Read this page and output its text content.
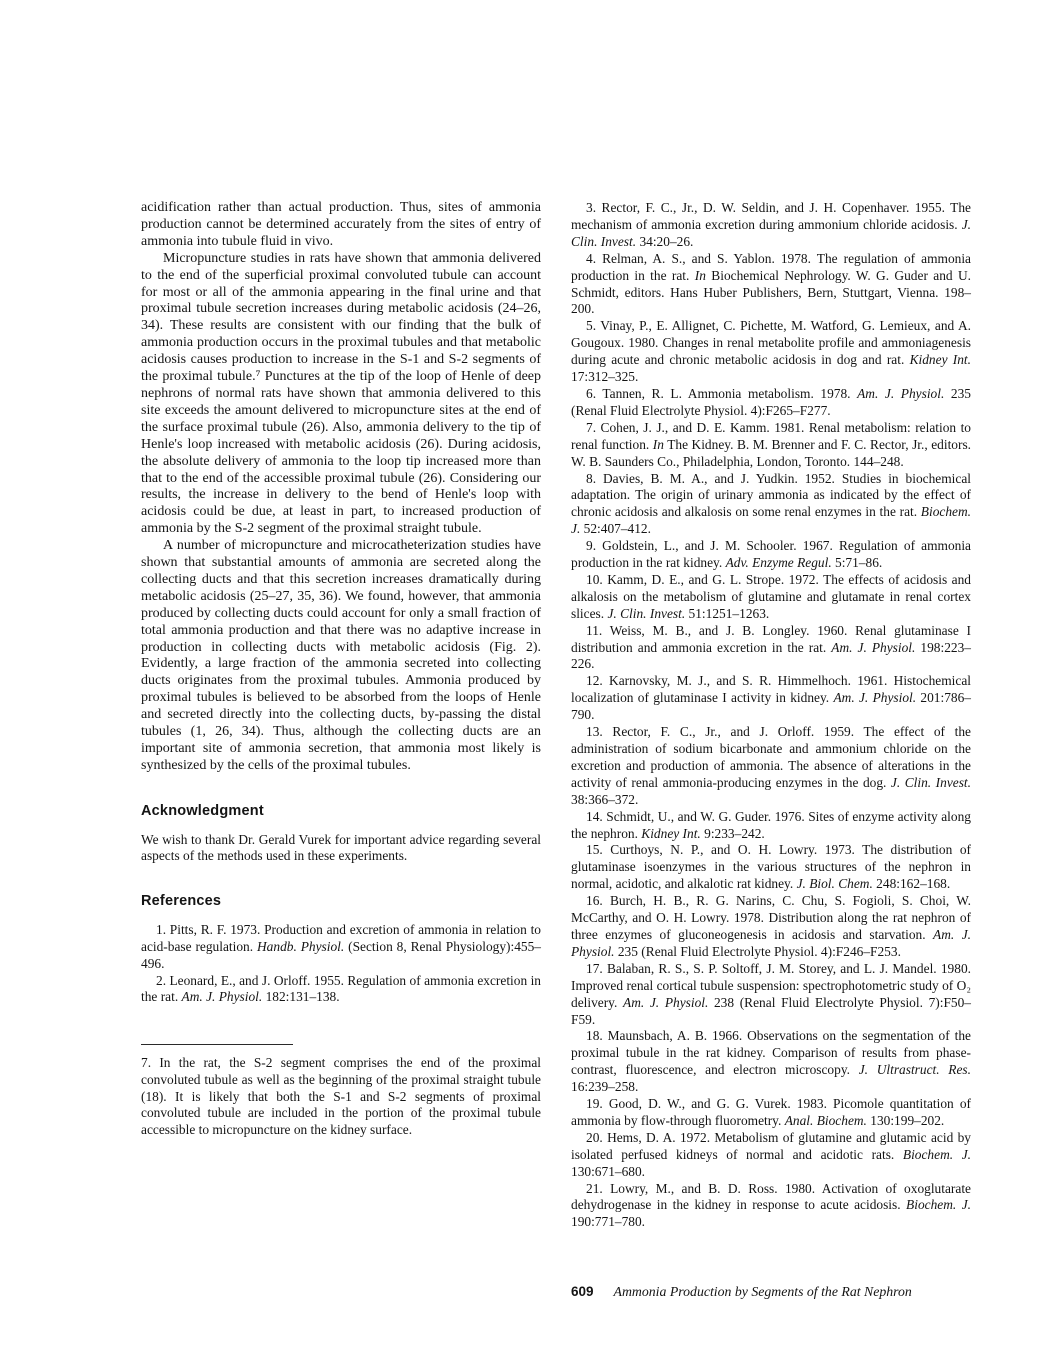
acidification rather than actual production. Thus, sites of ammonia production cannot be determined accurately from the sites of entry of ammonia into tubule fluid in vivo.

Micropuncture studies in rats have shown that ammonia delivered to the end of the superficial proximal convoluted tubule can account for most or all of the ammonia appearing in the final urine and that proximal tubule secretion increases during metabolic acidosis (24–26, 34). These results are consistent with our finding that the bulk of ammonia production occurs in the proximal tubules and that metabolic acidosis causes production to increase in the S-1 and S-2 segments of the proximal tubule.⁷ Punctures at the tip of the loop of Henle of deep nephrons of normal rats have shown that ammonia delivered to this site exceeds the amount delivered to micropuncture sites at the end of the surface proximal tubule (26). Also, ammonia delivery to the tip of Henle's loop increased with metabolic acidosis (26). During acidosis, the absolute delivery of ammonia to the loop tip increased more than that to the end of the accessible proximal tubule (26). Considering our results, the increase in delivery to the bend of Henle's loop with acidosis could be due, at least in part, to increased production of ammonia by the S-2 segment of the proximal straight tubule.

A number of micropuncture and microcatheterization studies have shown that substantial amounts of ammonia are secreted along the collecting ducts and that this secretion increases dramatically during metabolic acidosis (25–27, 35, 36). We found, however, that ammonia produced by collecting ducts could account for only a small fraction of total ammonia production and that there was no adaptive increase in production in collecting ducts with metabolic acidosis (Fig. 2). Evidently, a large fraction of the ammonia secreted into collecting ducts originates from the proximal tubules. Ammonia produced by proximal tubules is believed to be absorbed from the loops of Henle and secreted directly into the collecting ducts, by-passing the distal tubules (1, 26, 34). Thus, although the collecting ducts are an important site of ammonia secretion, that ammonia most likely is synthesized by the cells of the proximal tubules.

Acknowledgment

We wish to thank Dr. Gerald Vurek for important advice regarding several aspects of the methods used in these experiments.

References

1. Pitts, R. F. 1973. Production and excretion of ammonia in relation to acid-base regulation. Handb. Physiol. (Section 8, Renal Physiology):455–496.

2. Leonard, E., and J. Orloff. 1955. Regulation of ammonia excretion in the rat. Am. J. Physiol. 182:131–138.

7. In the rat, the S-2 segment comprises the end of the proximal convoluted tubule as well as the beginning of the proximal straight tubule (18). It is likely that both the S-1 and S-2 segments of proximal convoluted tubule are included in the portion of the proximal tubule accessible to micropuncture on the kidney surface.

3. Rector, F. C., Jr., D. W. Seldin, and J. H. Copenhaver. 1955. The mechanism of ammonia excretion during ammonium chloride acidosis. J. Clin. Invest. 34:20–26.

4. Relman, A. S., and S. Yablon. 1978. The regulation of ammonia production in the rat. In Biochemical Nephrology. W. G. Guder and U. Schmidt, editors. Hans Huber Publishers, Bern, Stuttgart, Vienna. 198–200.

5. Vinay, P., E. Allignet, C. Pichette, M. Watford, G. Lemieux, and A. Gougoux. 1980. Changes in renal metabolite profile and ammoniagenesis during acute and chronic metabolic acidosis in dog and rat. Kidney Int. 17:312–325.

6. Tannen, R. L. Ammonia metabolism. 1978. Am. J. Physiol. 235 (Renal Fluid Electrolyte Physiol. 4):F265–F277.

7. Cohen, J. J., and D. E. Kamm. 1981. Renal metabolism: relation to renal function. In The Kidney. B. M. Brenner and F. C. Rector, Jr., editors. W. B. Saunders Co., Philadelphia, London, Toronto. 144–248.

8. Davies, B. M. A., and J. Yudkin. 1952. Studies in biochemical adaptation. The origin of urinary ammonia as indicated by the effect of chronic acidosis and alkalosis on some renal enzymes in the rat. Biochem. J. 52:407–412.

9. Goldstein, L., and J. M. Schooler. 1967. Regulation of ammonia production in the rat kidney. Adv. Enzyme Regul. 5:71–86.

10. Kamm, D. E., and G. L. Strope. 1972. The effects of acidosis and alkalosis on the metabolism of glutamine and glutamate in renal cortex slices. J. Clin. Invest. 51:1251–1263.

11. Weiss, M. B., and J. B. Longley. 1960. Renal glutaminase I distribution and ammonia excretion in the rat. Am. J. Physiol. 198:223–226.

12. Karnovsky, M. J., and S. R. Himmelhoch. 1961. Histochemical localization of glutaminase I activity in kidney. Am. J. Physiol. 201:786–790.

13. Rector, F. C., Jr., and J. Orloff. 1959. The effect of the administration of sodium bicarbonate and ammonium chloride on the excretion and production of ammonia. The absence of alterations in the activity of renal ammonia-producing enzymes in the dog. J. Clin. Invest. 38:366–372.

14. Schmidt, U., and W. G. Guder. 1976. Sites of enzyme activity along the nephron. Kidney Int. 9:233–242.

15. Curthoys, N. P., and O. H. Lowry. 1973. The distribution of glutaminase isoenzymes in the various structures of the nephron in normal, acidotic, and alkalotic rat kidney. J. Biol. Chem. 248:162–168.

16. Burch, H. B., R. G. Narins, C. Chu, S. Fogioli, S. Choi, W. McCarthy, and O. H. Lowry. 1978. Distribution along the rat nephron of three enzymes of gluconeogenesis in acidosis and starvation. Am. J. Physiol. 235 (Renal Fluid Electrolyte Physiol. 4):F246–F253.

17. Balaban, R. S., S. P. Soltoff, J. M. Storey, and L. J. Mandel. 1980. Improved renal cortical tubule suspension: spectrophotometric study of O₂ delivery. Am. J. Physiol. 238 (Renal Fluid Electrolyte Physiol. 7):F50–F59.

18. Maunsbach, A. B. 1966. Observations on the segmentation of the proximal tubule in the rat kidney. Comparison of results from phase-contrast, fluorescence, and electron microscopy. J. Ultrastruct. Res. 16:239–258.

19. Good, D. W., and G. G. Vurek. 1983. Picomole quantitation of ammonia by flow-through fluorometry. Anal. Biochem. 130:199–202.

20. Hems, D. A. 1972. Metabolism of glutamine and glutamic acid by isolated perfused kidneys of normal and acidotic rats. Biochem. J. 130:671–680.

21. Lowry, M., and B. D. Ross. 1980. Activation of oxoglutarate dehydrogenase in the kidney in response to acute acidosis. Biochem. J. 190:771–780.

609 Ammonia Production by Segments of the Rat Nephron
